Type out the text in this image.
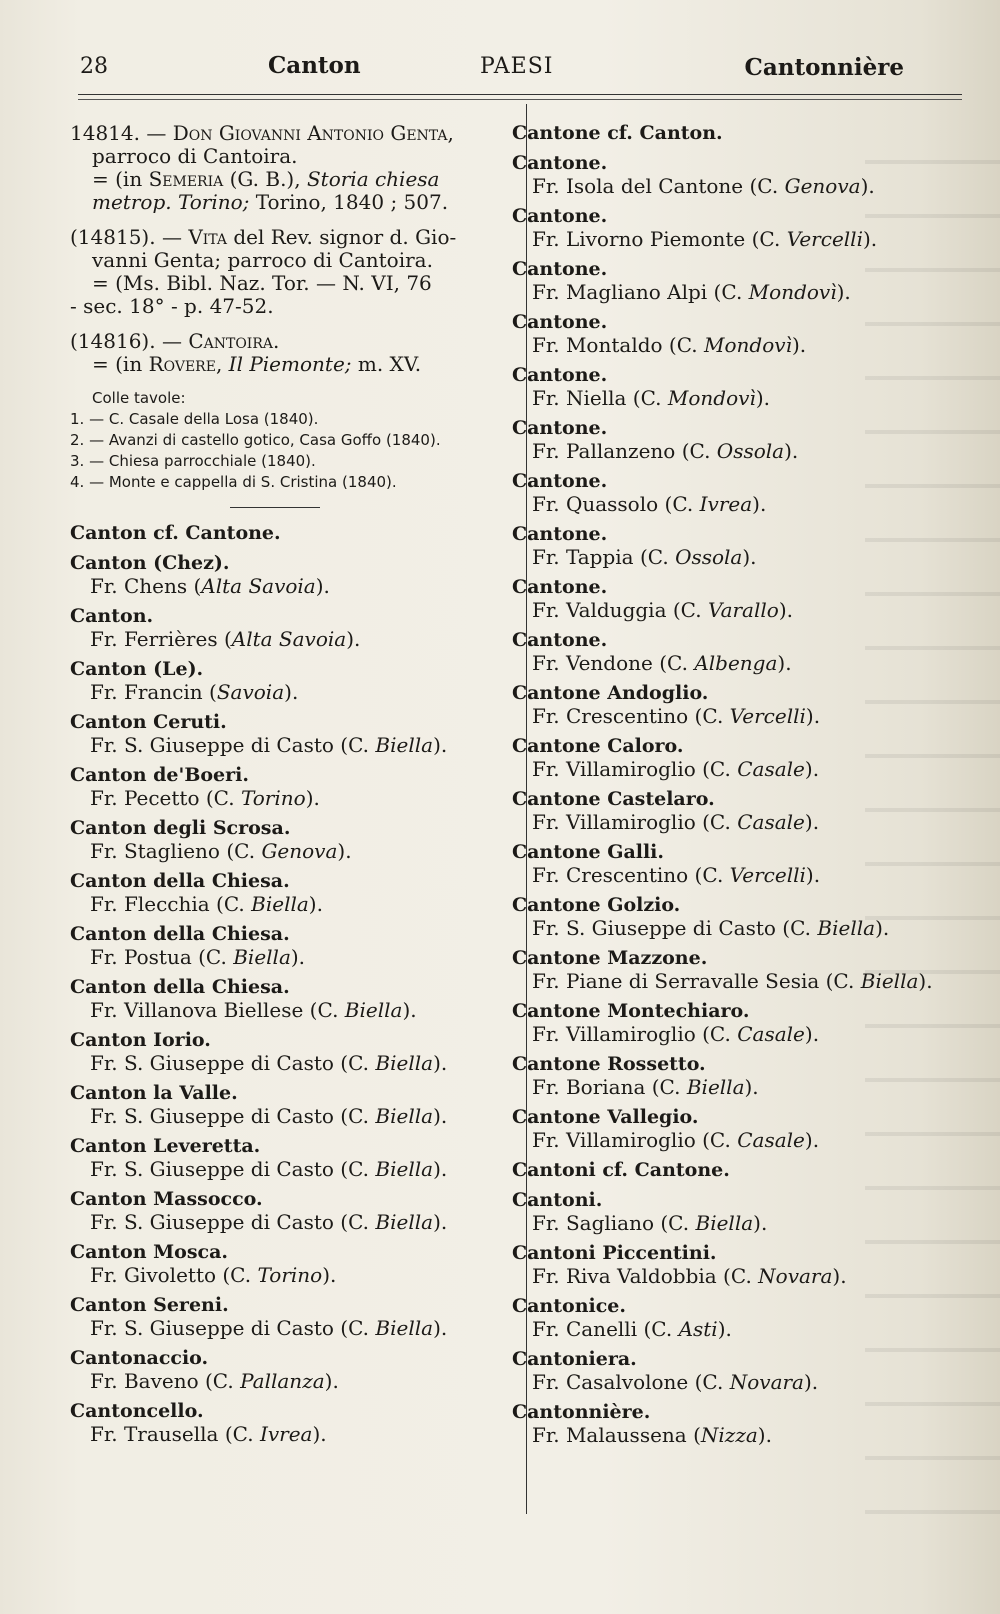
28	Canton	PAESI	Cantonnière
14814. — Don Giovanni Antonio Genta,
parroco di Cantoira.
= (in Semeria (G. B.), Storia chiesa
metrop. Torino; Torino, 1840 ; 507.
(14815). — Vita del Rev. signor d. Gio-
vanni Genta; parroco di Cantoira.
= (Ms. Bibl. Naz. Tor. — N. VI, 76
- sec. 18° - p. 47-52.
(14816). — Cantoira.
= (in Rovere, Il Piemonte; m. XV.
Colle tavole:
1. — C. Casale della Losa (1840).
2. — Avanzi di castello gotico, Casa Goffo (1840).
3. — Chiesa parrocchiale (1840).
4. — Monte e cappella di S. Cristina (1840).
Canton cf. Cantone.
Canton (Chez).
Fr. Chens (Alta Savoia).
Canton.
Fr. Ferrières (Alta Savoia).
Canton (Le).
Fr. Francin (Savoia).
Canton Ceruti.
Fr. S. Giuseppe di Casto (C. Biella).
Canton de'Boeri.
Fr. Pecetto (C. Torino).
Canton degli Scrosa.
Fr. Staglieno (C. Genova).
Canton della Chiesa.
Fr. Flecchia (C. Biella).
Canton della Chiesa.
Fr. Postua (C. Biella).
Canton della Chiesa.
Fr. Villanova Biellese (C. Biella).
Canton Iorio.
Fr. S. Giuseppe di Casto (C. Biella).
Canton la Valle.
Fr. S. Giuseppe di Casto (C. Biella).
Canton Leveretta.
Fr. S. Giuseppe di Casto (C. Biella).
Canton Massocco.
Fr. S. Giuseppe di Casto (C. Biella).
Canton Mosca.
Fr. Givoletto (C. Torino).
Canton Sereni.
Fr. S. Giuseppe di Casto (C. Biella).
Cantonaccio.
Fr. Baveno (C. Pallanza).
Cantoncello.
Fr. Trausella (C. Ivrea).
Cantone cf. Canton.
Cantone.
Fr. Isola del Cantone (C. Genova).
Cantone.
Fr. Livorno Piemonte (C. Vercelli).
Cantone.
Fr. Magliano Alpi (C. Mondovì).
Cantone.
Fr. Montaldo (C. Mondovì).
Cantone.
Fr. Niella (C. Mondovì).
Cantone.
Fr. Pallanzeno (C. Ossola).
Cantone.
Fr. Quassolo (C. Ivrea).
Cantone.
Fr. Tappia (C. Ossola).
Cantone.
Fr. Valduggia (C. Varallo).
Cantone.
Fr. Vendone (C. Albenga).
Cantone Andoglio.
Fr. Crescentino (C. Vercelli).
Cantone Caloro.
Fr. Villamiroglio (C. Casale).
Cantone Castelaro.
Fr. Villamiroglio (C. Casale).
Cantone Galli.
Fr. Crescentino (C. Vercelli).
Cantone Golzio.
Fr. S. Giuseppe di Casto (C. Biella).
Cantone Mazzone.
Fr. Piane di Serravalle Sesia (C. Biella).
Cantone Montechiaro.
Fr. Villamiroglio (C. Casale).
Cantone Rossetto.
Fr. Boriana (C. Biella).
Cantone Vallegio.
Fr. Villamiroglio (C. Casale).
Cantoni cf. Cantone.
Cantoni.
Fr. Sagliano (C. Biella).
Cantoni Piccentini.
Fr. Riva Valdobbia (C. Novara).
Cantonice.
Fr. Canelli (C. Asti).
Cantoniera.
Fr. Casalvolone (C. Novara).
Cantonnière.
Fr. Malaussena (Nizza).
